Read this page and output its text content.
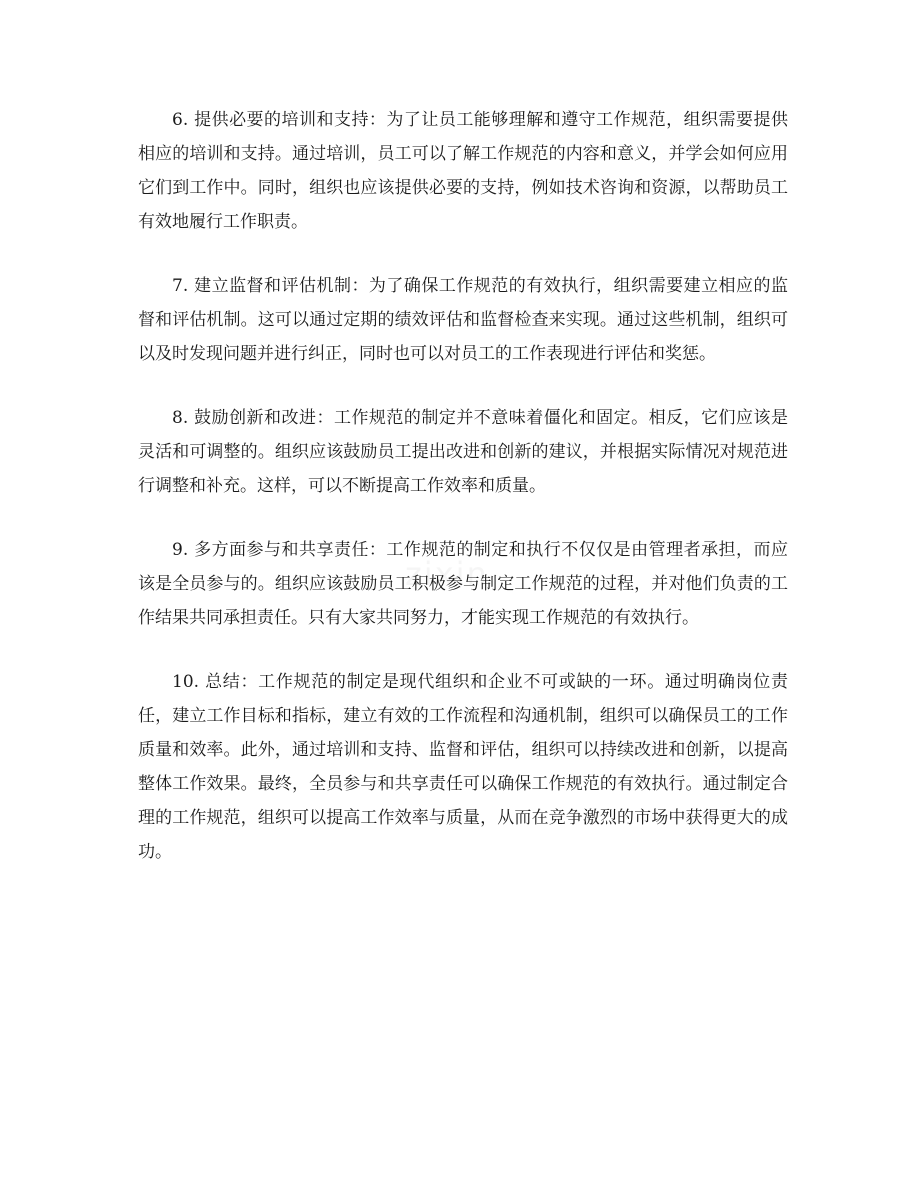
6. 提供必要的培训和支持：为了让员工能够理解和遵守工作规范，组织需要提供相应的培训和支持。通过培训，员工可以了解工作规范的内容和意义，并学会如何应用它们到工作中。同时，组织也应该提供必要的支持，例如技术咨询和资源，以帮助员工有效地履行工作职责。

7. 建立监督和评估机制：为了确保工作规范的有效执行，组织需要建立相应的监督和评估机制。这可以通过定期的绩效评估和监督检查来实现。通过这些机制，组织可以及时发现问题并进行纠正，同时也可以对员工的工作表现进行评估和奖惩。

8. 鼓励创新和改进：工作规范的制定并不意味着僵化和固定。相反，它们应该是灵活和可调整的。组织应该鼓励员工提出改进和创新的建议，并根据实际情况对规范进行调整和补充。这样，可以不断提高工作效率和质量。

9. 多方面参与和共享责任：工作规范的制定和执行不仅仅是由管理者承担，而应该是全员参与的。组织应该鼓励员工积极参与制定工作规范的过程，并对他们负责的工作结果共同承担责任。只有大家共同努力，才能实现工作规范的有效执行。

10. 总结：工作规范的制定是现代组织和企业不可或缺的一环。通过明确岗位责任，建立工作目标和指标，建立有效的工作流程和沟通机制，组织可以确保员工的工作质量和效率。此外，通过培训和支持、监督和评估，组织可以持续改进和创新，以提高整体工作效果。最终，全员参与和共享责任可以确保工作规范的有效执行。通过制定合理的工作规范，组织可以提高工作效率与质量，从而在竞争激烈的市场中获得更大的成功。
